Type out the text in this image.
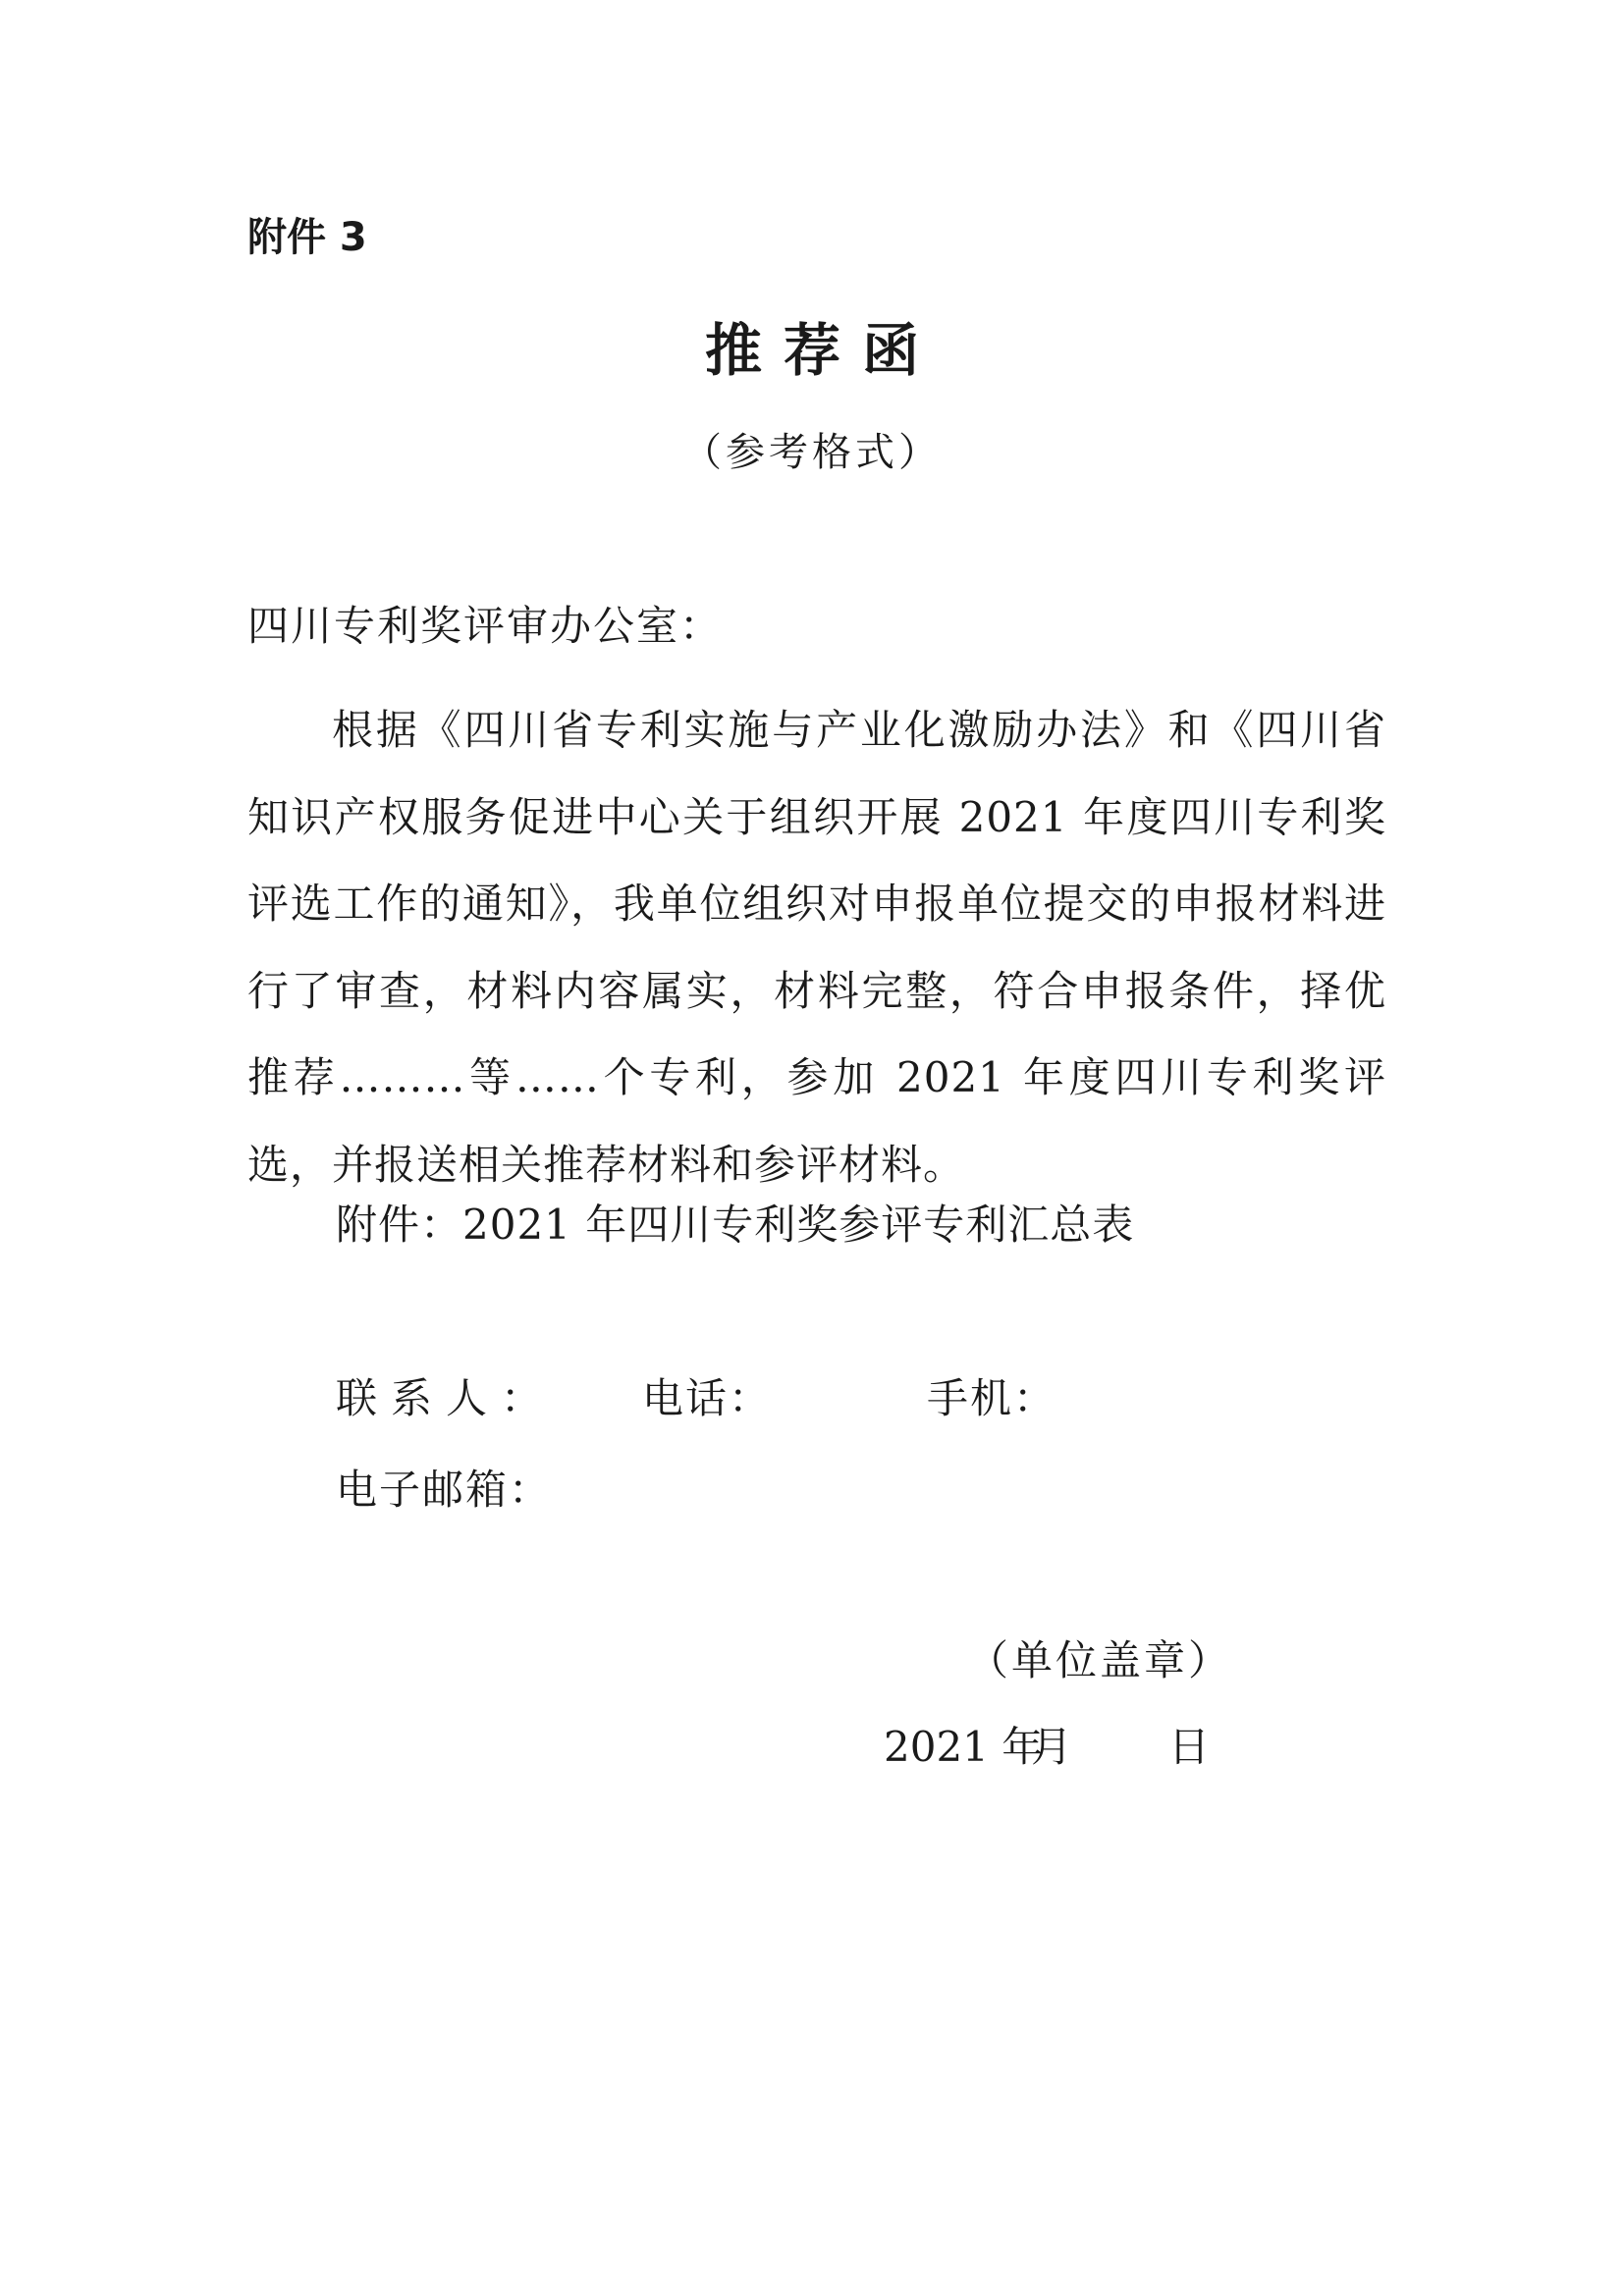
附件 3
推荐函
（参考格式）
四川专利奖评审办公室：
根据《四川省专利实施与产业化激励办法》和《四川省知识产权服务促进中心关于组织开展 2021 年度四川专利奖评选工作的通知》，我单位组织对申报单位提交的申报材料进行了审查，材料内容属实，材料完整，符合申报条件，择优推荐………等……个专利，参加 2021 年度四川专利奖评选，并报送相关推荐材料和参评材料。
附件：2021 年四川专利奖参评专利汇总表
联系人：	电话：	手机：
电子邮箱：
（单位盖章）
2021 年月 日
